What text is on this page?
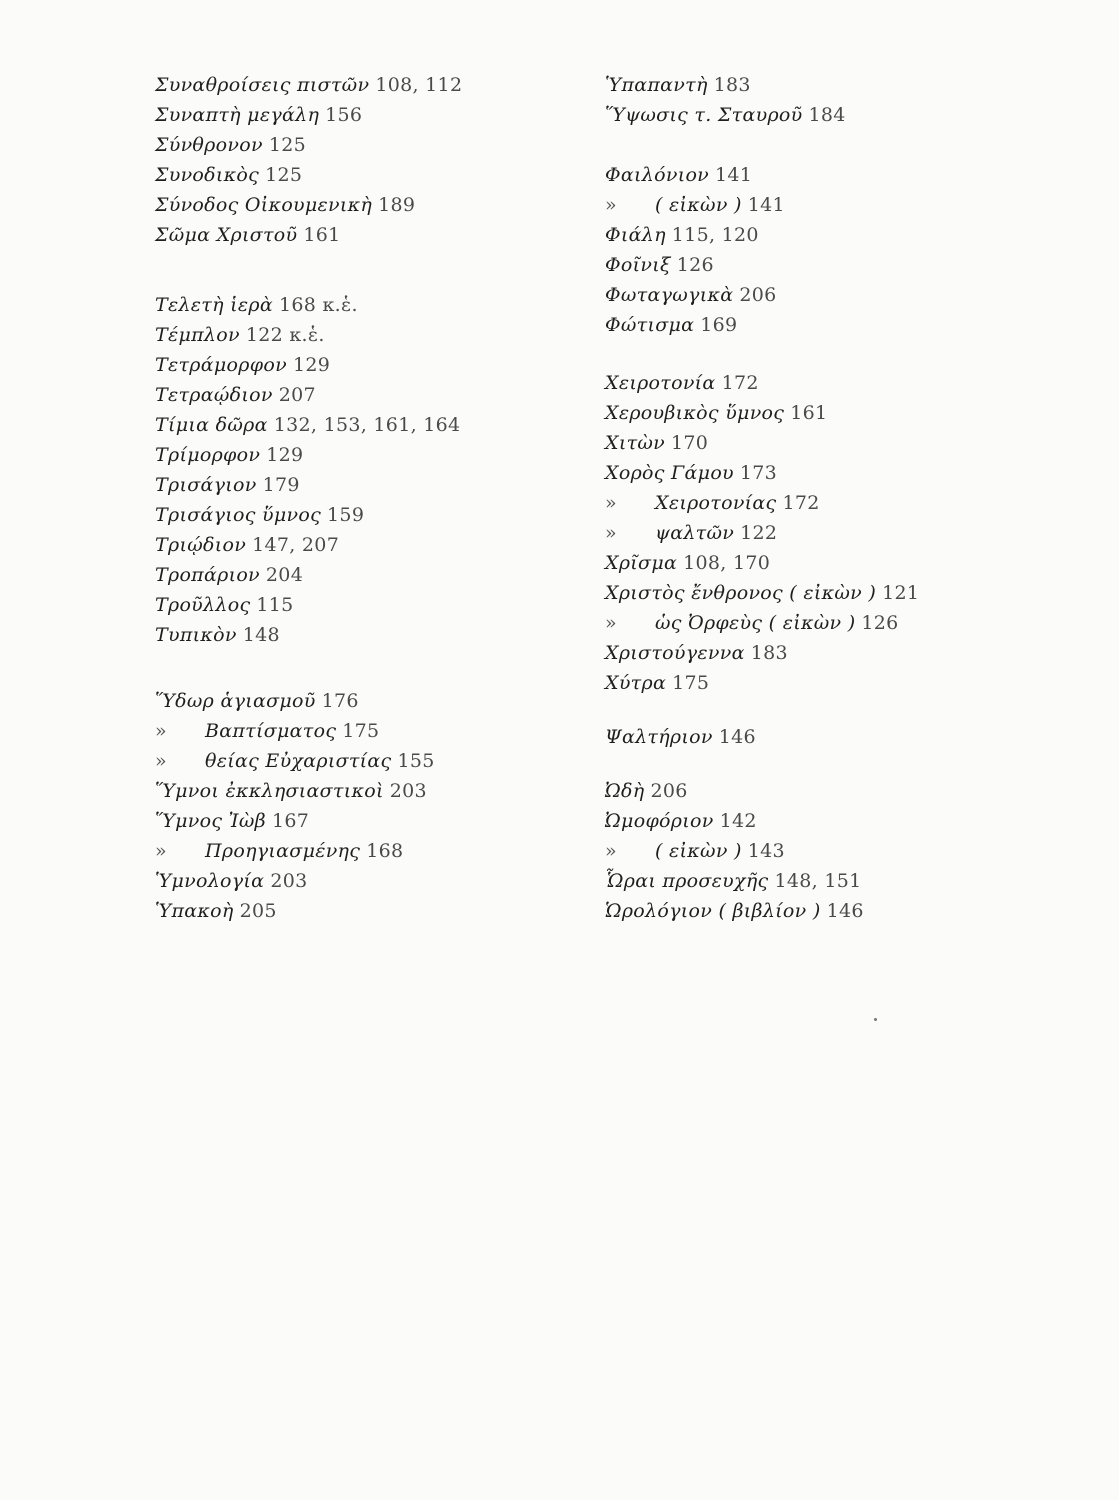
Συναθροίσεις πιστῶν 108, 112
Συναπτὴ μεγάλη 156
Σύνθρονον 125
Συνοδικὸς 125
Σύνοδος Οἰκουμενικὴ 189
Σῶμα Χριστοῦ 161
Τελετὴ ἱερὰ 168 κ.ἑ.
Τέμπλον 122 κ.ἑ.
Τετράμορφον 129
Τετραῴδιον 207
Τίμια δῶρα 132, 153, 161, 164
Τρίμορφον 129
Τρισάγιον 179
Τρισάγιος ὕμνος 159
Τριῴδιον 147, 207
Τροπάριον 204
Τροῦλλος 115
Τυπικὸν 148
Ὕδωρ ἁγιασμοῦ 176
» Βαπτίσματος 175
» θείας Εὐχαριστίας 155
Ὕμνοι ἐκκλησιαστικοὶ 203
Ὕμνος Ἰὼβ 167
» Προηγιασμένης 168
Ὑμνολογία 203
Ὑπακοὴ 205
Ὑπαπαντὴ 183
Ὕψωσις τ. Σταυροῦ 184
Φαιλόνιον 141
» ( εἰκὼν ) 141
Φιάλη 115, 120
Φοῖνιξ 126
Φωταγωγικὰ 206
Φώτισμα 169
Χειροτονία 172
Χερουβικὸς ὕμνος 161
Χιτὼν 170
Χορὸς Γάμου 173
» Χειροτονίας 172
» ψαλτῶν 122
Χρῖσμα 108, 170
Χριστὸς ἔνθρονος ( εἰκὼν ) 121
» ὡς Ὀρφεὺς ( εἰκὼν ) 126
Χριστούγεννα 183
Χύτρα 175
Ψαλτήριον 146
Ὠδὴ 206
Ὠμοφόριον 142
» ( εἰκὼν ) 143
Ὧραι προσευχῆς 148, 151
Ὡρολόγιον ( βιβλίον ) 146
